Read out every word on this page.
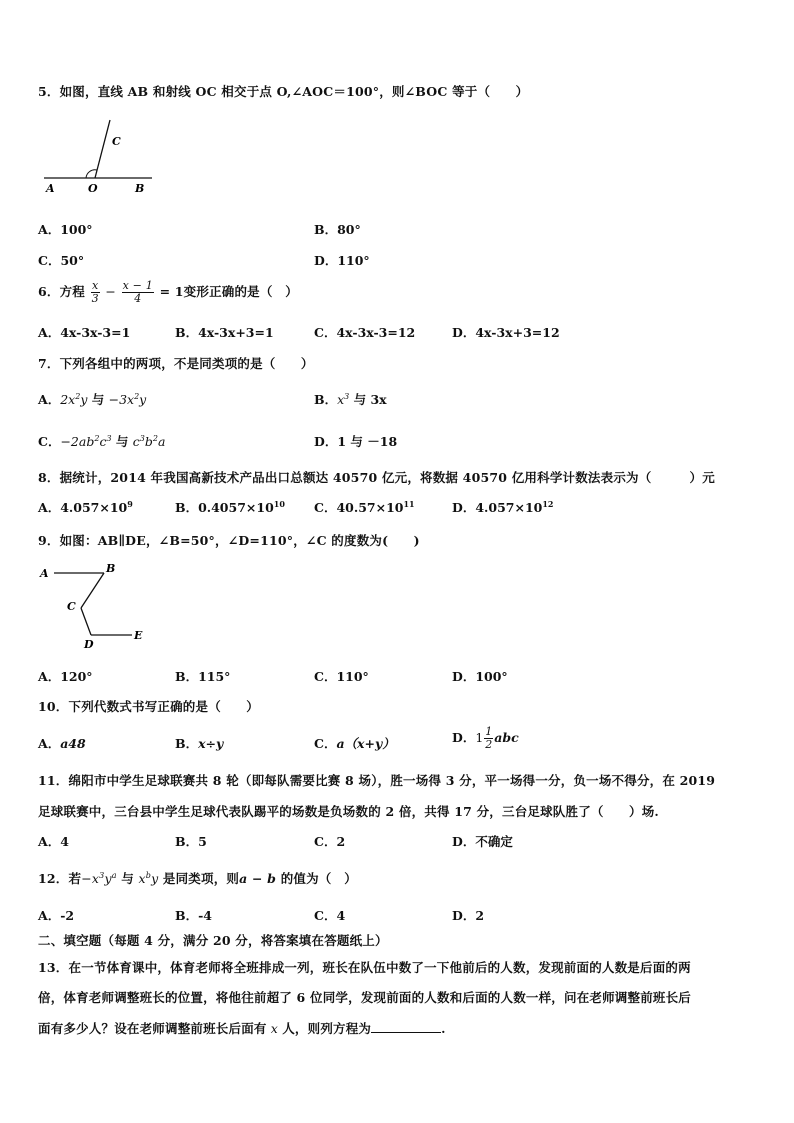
5．如图，直线 AB 和射线 OC 相交于点 O,∠AOC＝100°，则∠BOC 等于（　　）
A	O	B
C
A．100°	B．80°
C．50°	D．110°
6．方程 $\frac{x}{3} - \frac{x - 1}{4} = 1$变形正确的是（　）
A．4x-3x-3=1	B．4x-3x+3=1	C．4x-3x-3=12	D．4x-3x+3=12
7．下列各组中的两项，不是同类项的是（　　）
A．$2x^2y$ 与 $-3x^2y$	B．$x^3$ 与 3x
C．$-2ab^2c^3$ 与 $c^3b^2a$	D．1 与 －18
8．据统计，2014 年我国高新技术产品出口总额达 40570 亿元，将数据 40570 亿用科学计数法表示为（　　　）元
A．$4.057\times 10^9$	B．$0.4057\times 10^{10}$ C．$40.57\times 10^{11}$	D．$4.057\times 10^{12}$
9．如图：AB∥DE，∠B=50°，∠D=110°，∠C 的度数为(　　)
A	B
C
D
E
A．120°	B．115°	C．110°	D．100°
10．下列代数式书写正确的是（　　）
A．a48	B．x÷y	C．a（x+y）	D．$1 \frac{1}{2}$ abc
11．绵阳市中学生足球联赛共 8 轮（即每队需要比赛 8 场），胜一场得 3 分，平一场得一分，负一场不得分，在 2019
足球联赛中，三台县中学生足球代表队踢平的场数是负场数的 2 倍，共得 17 分，三台足球队胜了（　　）场.
A．4	B．5	C．2	D．不确定
12．若$-x^3y^a$ 与 $x^by$ 是同类项，则a − b 的值为（　）
A．-2	B．-4	C．4	D．2
二、填空题（每题 4 分，满分 20 分，将答案填在答题纸上）
13．在一节体育课中，体育老师将全班排成一列，班长在队伍中数了一下他前后的人数，发现前面的人数是后面的两
倍，体育老师调整班长的位置，将他往前超了 6 位同学，发现前面的人数和后面的人数一样，问在老师调整前班长后
面有多少人？设在老师调整前班长后面有 x 人，则列方程为	.
